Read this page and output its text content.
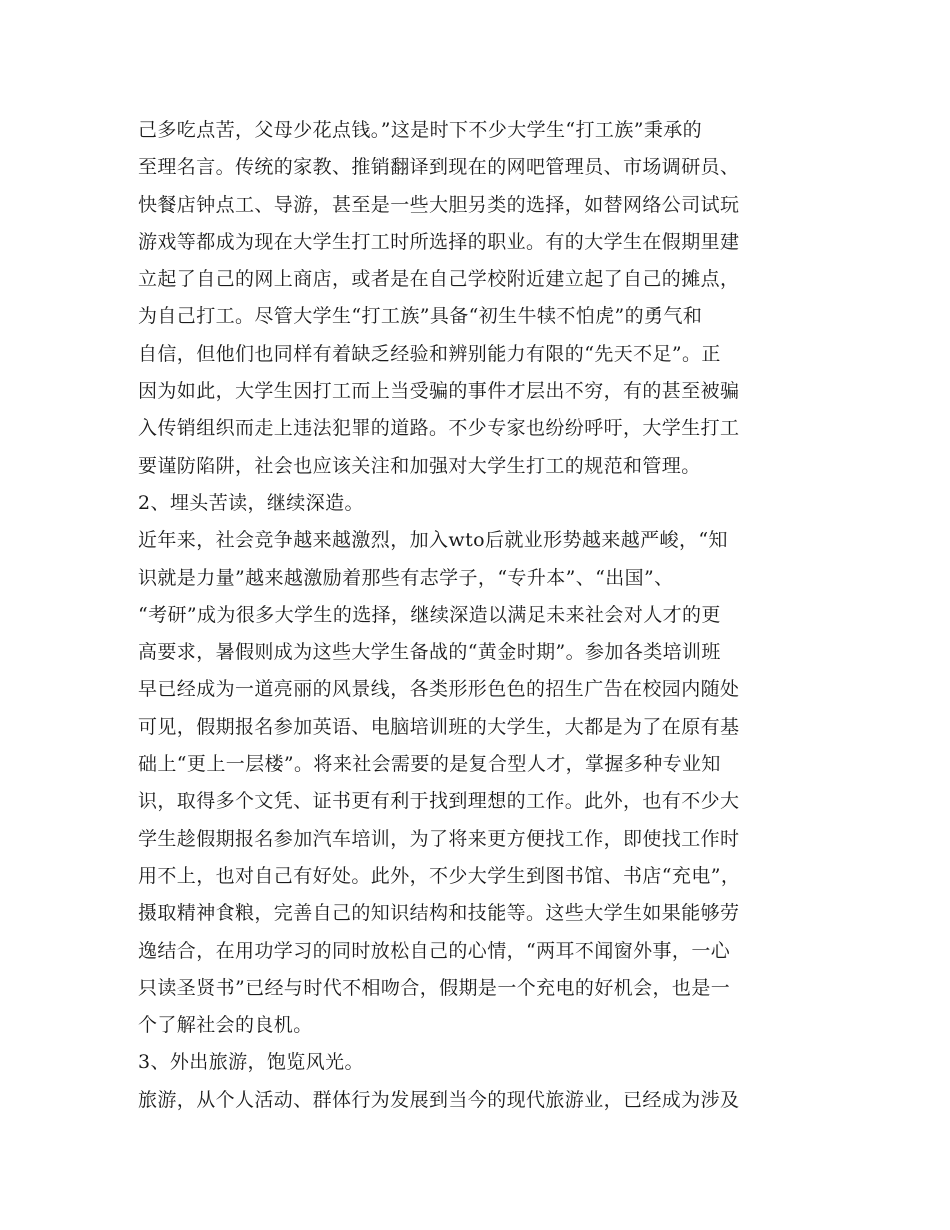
己多吃点苦，父母少花点钱。”这是时下不少大学生“打工族”秉承的
至理名言。传统的家教、推销翻译到现在的网吧管理员、市场调研员、
快餐店钟点工、导游，甚至是一些大胆另类的选择，如替网络公司试玩
游戏等都成为现在大学生打工时所选择的职业。有的大学生在假期里建
立起了自己的网上商店，或者是在自己学校附近建立起了自己的摊点，
为自己打工。尽管大学生“打工族”具备“初生牛犊不怕虎”的勇气和
自信，但他们也同样有着缺乏经验和辨别能力有限的“先天不足”。正
因为如此，大学生因打工而上当受骗的事件才层出不穷，有的甚至被骗
入传销组织而走上违法犯罪的道路。不少专家也纷纷呼吁，大学生打工
要谨防陷阱，社会也应该关注和加强对大学生打工的规范和管理。
2、埋头苦读，继续深造。
近年来，社会竞争越来越激烈，加入wto后就业形势越来越严峻，“知
识就是力量”越来越激励着那些有志学子，“专升本”、“出国”、
“考研”成为很多大学生的选择，继续深造以满足未来社会对人才的更
高要求，暑假则成为这些大学生备战的“黄金时期”。参加各类培训班
早已经成为一道亮丽的风景线，各类形形色色的招生广告在校园内随处
可见，假期报名参加英语、电脑培训班的大学生，大都是为了在原有基
础上“更上一层楼”。将来社会需要的是复合型人才，掌握多种专业知
识，取得多个文凭、证书更有利于找到理想的工作。此外，也有不少大
学生趁假期报名参加汽车培训，为了将来更方便找工作，即使找工作时
用不上，也对自己有好处。此外，不少大学生到图书馆、书店“充电”，
摄取精神食粮，完善自己的知识结构和技能等。这些大学生如果能够劳
逸结合，在用功学习的同时放松自己的心情，“两耳不闻窗外事，一心
只读圣贤书”已经与时代不相吻合，假期是一个充电的好机会，也是一
个了解社会的良机。
3、外出旅游，饱览风光。
旅游，从个人活动、群体行为发展到当今的现代旅游业，已经成为涉及
